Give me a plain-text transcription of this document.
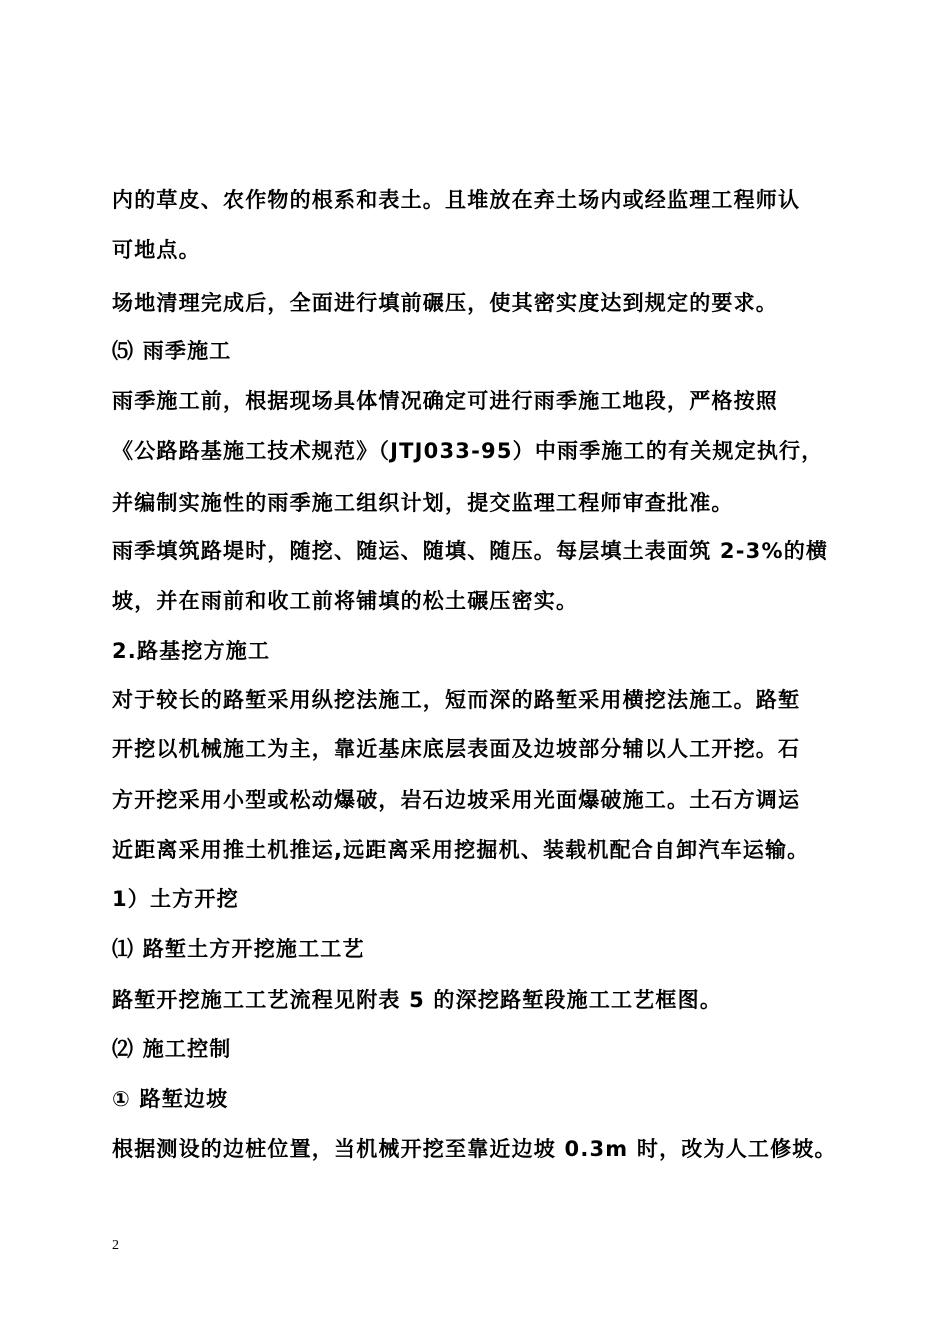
内的草皮、农作物的根系和表土。且堆放在弃土场内或经监理工程师认
可地点。
场地清理完成后，全面进行填前碾压，使其密实度达到规定的要求。
⑸ 雨季施工
雨季施工前，根据现场具体情况确定可进行雨季施工地段，严格按照
《公路路基施工技术规范》（JTJ033-95）中雨季施工的有关规定执行，
并编制实施性的雨季施工组织计划，提交监理工程师审查批准。
雨季填筑路堤时，随挖、随运、随填、随压。每层填土表面筑 2-3%的横
坡，并在雨前和收工前将铺填的松土碾压密实。
2.路基挖方施工
对于较长的路堑采用纵挖法施工，短而深的路堑采用横挖法施工。路堑
开挖以机械施工为主，靠近基床底层表面及边坡部分辅以人工开挖。石
方开挖采用小型或松动爆破，岩石边坡采用光面爆破施工。土石方调运
近距离采用推土机推运,远距离采用挖掘机、装载机配合自卸汽车运输。
1）土方开挖
⑴ 路堑土方开挖施工工艺
路堑开挖施工工艺流程见附表 5 的深挖路堑段施工工艺框图。
⑵ 施工控制
① 路堑边坡
根据测设的边桩位置，当机械开挖至靠近边坡 0.3m 时，改为人工修坡。
2
